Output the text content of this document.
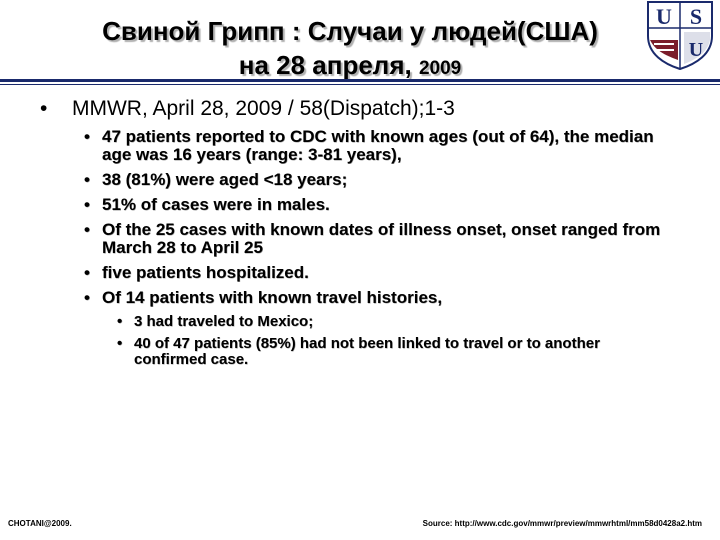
Свиной Грипп : Случаи у людей(США)
на 28 апреля, 2009
U S
U
• MMWR, April 28, 2009 / 58(Dispatch);1-3
• 47 patients reported to CDC with known ages (out of 64), the median age was 16 years (range: 3-81 years),
• 38 (81%) were aged <18 years;
• 51% of cases were in males.
• Of the 25 cases with known dates of illness onset, onset ranged from March 28 to April 25
• five patients hospitalized.
• Of 14 patients with known travel histories,
• 3 had traveled to Mexico;
• 40 of 47 patients (85%) had not been linked to travel or to another confirmed case.
CHOTANI@2009.	Source: http://www.cdc.gov/mmwr/preview/mmwrhtml/mm58d0428a2.htm
